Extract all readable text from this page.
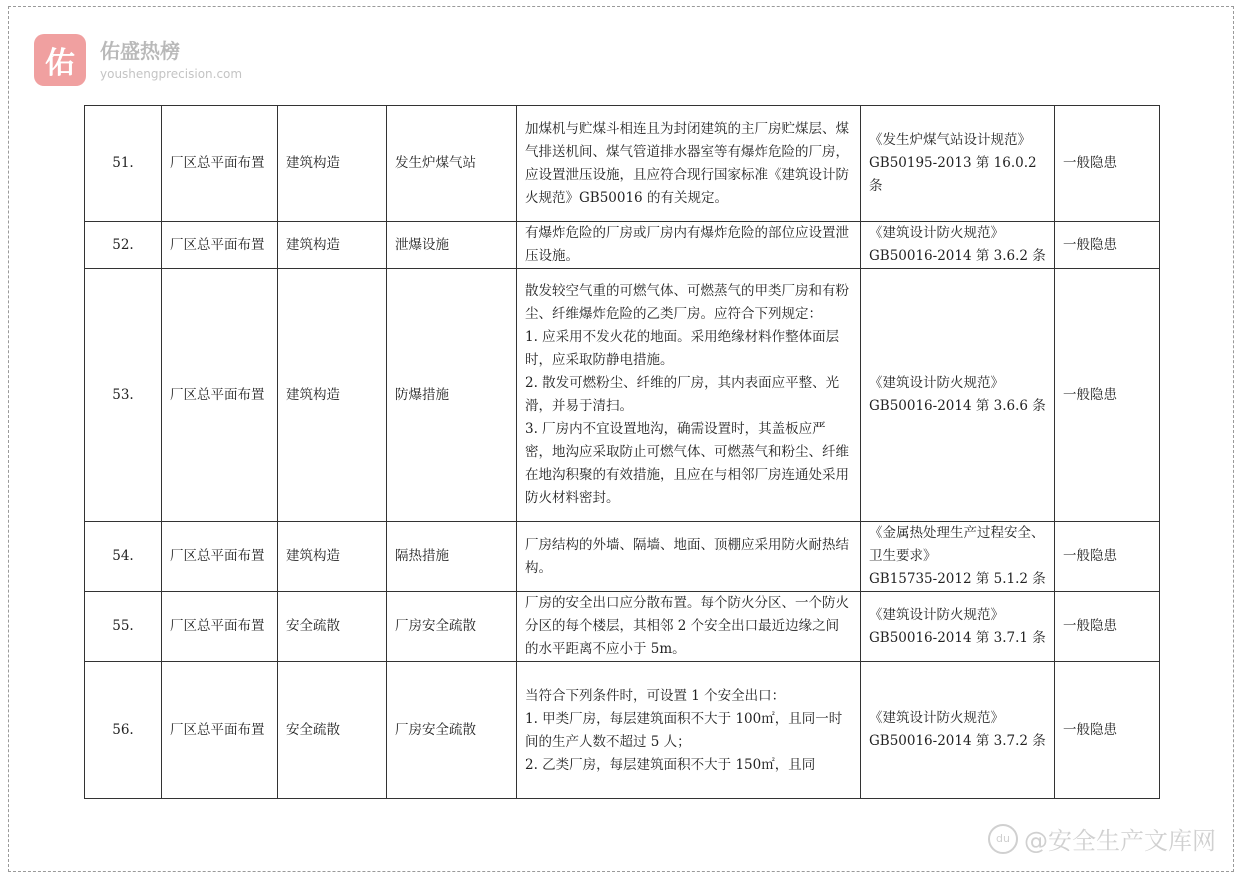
佑	佑盛热榜
youshengprecision.com
51.	厂区总平面布置	建筑构造	发生炉煤气站	加煤机与贮煤斗相连且为封闭建筑的主厂房贮煤层、煤气排送机间、煤气管道排水器室等有爆炸危险的厂房，应设置泄压设施，且应符合现行国家标准《建筑设计防火规范》GB50016 的有关规定。	《发生炉煤气站设计规范》GB50195-2013 第 16.0.2 条	一般隐患
52.	厂区总平面布置	建筑构造	泄爆设施	有爆炸危险的厂房或厂房内有爆炸危险的部位应设置泄压设施。	《建筑设计防火规范》
GB50016-2014 第 3.6.2 条	一般隐患
53.	厂区总平面布置	建筑构造	防爆措施	散发较空气重的可燃气体、可燃蒸气的甲类厂房和有粉尘、纤维爆炸危险的乙类厂房。应符合下列规定：
1. 应采用不发火花的地面。采用绝缘材料作整体面层时，应采取防静电措施。
2. 散发可燃粉尘、纤维的厂房，其内表面应平整、光滑，并易于清扫。
3. 厂房内不宜设置地沟，确需设置时，其盖板应严密，地沟应采取防止可燃气体、可燃蒸气和粉尘、纤维在地沟积聚的有效措施，且应在与相邻厂房连通处采用防火材料密封。	《建筑设计防火规范》
GB50016-2014 第 3.6.6 条	一般隐患
54.	厂区总平面布置	建筑构造	隔热措施	厂房结构的外墙、隔墙、地面、顶棚应采用防火耐热结构。	《金属热处理生产过程安全、卫生要求》
GB15735-2012 第 5.1.2 条	一般隐患
55.	厂区总平面布置	安全疏散	厂房安全疏散	厂房的安全出口应分散布置。每个防火分区、一个防火分区的每个楼层，其相邻 2 个安全出口最近边缘之间的水平距离不应小于 5m。	《建筑设计防火规范》
GB50016-2014 第 3.7.1 条	一般隐患
56.	厂区总平面布置	安全疏散	厂房安全疏散	当符合下列条件时，可设置 1 个安全出口：
1. 甲类厂房，每层建筑面积不大于 100㎡，且同一时间的生产人数不超过 5 人；
2. 乙类厂房，每层建筑面积不大于 150㎡，且同	《建筑设计防火规范》
GB50016-2014 第 3.7.2 条	一般隐患
du @安全生产文库网
